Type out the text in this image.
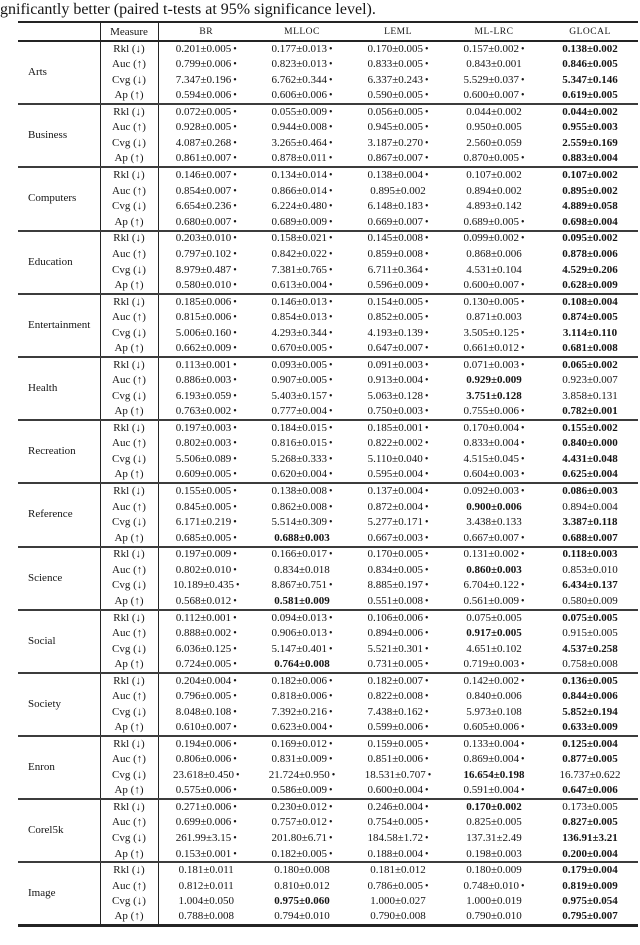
gnificantly better (paired t-tests at 95% significance level).

	Measure	BR	MLLOC	LEML	ML-LRC	GLOCAL
Arts	Rkl (↓)	0.201±0.005 •	0.177±0.013 •	0.170±0.005 •	0.157±0.002 •	0.138±0.002
	Auc (↑)	0.799±0.006 •	0.823±0.013 •	0.833±0.005 •	0.843±0.001	0.846±0.005
	Cvg (↓)	7.347±0.196 •	6.762±0.344 •	6.337±0.243 •	5.529±0.037 •	5.347±0.146
	Ap (↑)	0.594±0.006 •	0.606±0.006 •	0.590±0.005 •	0.600±0.007 •	0.619±0.005
Business	Rkl (↓)	0.072±0.005 •	0.055±0.009 •	0.056±0.005 •	0.044±0.002	0.044±0.002
	Auc (↑)	0.928±0.005 •	0.944±0.008 •	0.945±0.005 •	0.950±0.005	0.955±0.003
	Cvg (↓)	4.087±0.268 •	3.265±0.464 •	3.187±0.270 •	2.560±0.059	2.559±0.169
	Ap (↑)	0.861±0.007 •	0.878±0.011 •	0.867±0.007 •	0.870±0.005 •	0.883±0.004
Computers	Rkl (↓)	0.146±0.007 •	0.134±0.014 •	0.138±0.004 •	0.107±0.002	0.107±0.002
	Auc (↑)	0.854±0.007 •	0.866±0.014 •	0.895±0.002	0.894±0.002	0.895±0.002
	Cvg (↓)	6.654±0.236 •	6.224±0.480 •	6.148±0.183 •	4.893±0.142	4.889±0.058
	Ap (↑)	0.680±0.007 •	0.689±0.009 •	0.669±0.007 •	0.689±0.005 •	0.698±0.004
Education	Rkl (↓)	0.203±0.010 •	0.158±0.021 •	0.145±0.008 •	0.099±0.002 •	0.095±0.002
	Auc (↑)	0.797±0.102 •	0.842±0.022 •	0.859±0.008 •	0.868±0.006	0.878±0.006
	Cvg (↓)	8.979±0.487 •	7.381±0.765 •	6.711±0.364 •	4.531±0.104	4.529±0.206
	Ap (↑)	0.580±0.010 •	0.613±0.004 •	0.596±0.009 •	0.600±0.007 •	0.628±0.009
Entertainment	Rkl (↓)	0.185±0.006 •	0.146±0.013 •	0.154±0.005 •	0.130±0.005 •	0.108±0.004
	Auc (↑)	0.815±0.006 •	0.854±0.013 •	0.852±0.005 •	0.871±0.003	0.874±0.005
	Cvg (↓)	5.006±0.160 •	4.293±0.344 •	4.193±0.139 •	3.505±0.125 •	3.114±0.110
	Ap (↑)	0.662±0.009 •	0.670±0.005 •	0.647±0.007 •	0.661±0.012 •	0.681±0.008
Health	Rkl (↓)	0.113±0.001 •	0.093±0.005 •	0.091±0.003 •	0.071±0.003 •	0.065±0.002
	Auc (↑)	0.886±0.003 •	0.907±0.005 •	0.913±0.004 •	0.929±0.009	0.923±0.007
	Cvg (↓)	6.193±0.059 •	5.403±0.157 •	5.063±0.128 •	3.751±0.128	3.858±0.131
	Ap (↑)	0.763±0.002 •	0.777±0.004 •	0.750±0.003 •	0.755±0.006 •	0.782±0.001
Recreation	Rkl (↓)	0.197±0.003 •	0.184±0.015 •	0.185±0.001 •	0.170±0.004 •	0.155±0.002
	Auc (↑)	0.802±0.003 •	0.816±0.015 •	0.822±0.002 •	0.833±0.004 •	0.840±0.000
	Cvg (↓)	5.506±0.089 •	5.268±0.333 •	5.110±0.040 •	4.515±0.045 •	4.431±0.048
	Ap (↑)	0.609±0.005 •	0.620±0.004 •	0.595±0.004 •	0.604±0.003 •	0.625±0.004
Reference	Rkl (↓)	0.155±0.005 •	0.138±0.008 •	0.137±0.004 •	0.092±0.003 •	0.086±0.003
	Auc (↑)	0.845±0.005 •	0.862±0.008 •	0.872±0.004 •	0.900±0.006	0.894±0.004
	Cvg (↓)	6.171±0.219 •	5.514±0.309 •	5.277±0.171 •	3.438±0.133	3.387±0.118
	Ap (↑)	0.685±0.005 •	0.688±0.003	0.667±0.003 •	0.667±0.007 •	0.688±0.007
Science	Rkl (↓)	0.197±0.009 •	0.166±0.017 •	0.170±0.005 •	0.131±0.002 •	0.118±0.003
	Auc (↑)	0.802±0.010 •	0.834±0.018	0.834±0.005 •	0.860±0.003	0.853±0.010
	Cvg (↓)	10.189±0.435 •	8.867±0.751 •	8.885±0.197 •	6.704±0.122 •	6.434±0.137
	Ap (↑)	0.568±0.012 •	0.581±0.009	0.551±0.008 •	0.561±0.009 •	0.580±0.009
Social	Rkl (↓)	0.112±0.001 •	0.094±0.013 •	0.106±0.006 •	0.075±0.005	0.075±0.005
	Auc (↑)	0.888±0.002 •	0.906±0.013 •	0.894±0.006 •	0.917±0.005	0.915±0.005
	Cvg (↓)	6.036±0.125 •	5.147±0.401 •	5.521±0.301 •	4.651±0.102	4.537±0.258
	Ap (↑)	0.724±0.005 •	0.764±0.008	0.731±0.005 •	0.719±0.003 •	0.758±0.008
Society	Rkl (↓)	0.204±0.004 •	0.182±0.006 •	0.182±0.007 •	0.142±0.002 •	0.136±0.005
	Auc (↑)	0.796±0.005 •	0.818±0.006 •	0.822±0.008 •	0.840±0.006	0.844±0.006
	Cvg (↓)	8.048±0.108 •	7.392±0.216 •	7.438±0.162 •	5.973±0.108	5.852±0.194
	Ap (↑)	0.610±0.007 •	0.623±0.004 •	0.599±0.006 •	0.605±0.006 •	0.633±0.009
Enron	Rkl (↓)	0.194±0.006 •	0.169±0.012 •	0.159±0.005 •	0.133±0.004 •	0.125±0.004
	Auc (↑)	0.806±0.006 •	0.831±0.009 •	0.851±0.006 •	0.869±0.004 •	0.877±0.005
	Cvg (↓)	23.618±0.450 •	21.724±0.950 •	18.531±0.707 •	16.654±0.198	16.737±0.622
	Ap (↑)	0.575±0.006 •	0.586±0.009 •	0.600±0.004 •	0.591±0.004 •	0.647±0.006
Corel5k	Rkl (↓)	0.271±0.006 •	0.230±0.012 •	0.246±0.004 •	0.170±0.002	0.173±0.005
	Auc (↑)	0.699±0.006 •	0.757±0.012 •	0.754±0.005 •	0.825±0.005	0.827±0.005
	Cvg (↓)	261.99±3.15 •	201.80±6.71 •	184.58±1.72 •	137.31±2.49	136.91±3.21
	Ap (↑)	0.153±0.001 •	0.182±0.005 •	0.188±0.004 •	0.198±0.003	0.200±0.004
Image	Rkl (↓)	0.181±0.011	0.180±0.008	0.181±0.012	0.180±0.009	0.179±0.004
	Auc (↑)	0.812±0.011	0.810±0.012	0.786±0.005 •	0.748±0.010 •	0.819±0.009
	Cvg (↓)	1.004±0.050	0.975±0.060	1.000±0.027	1.000±0.019	0.975±0.054
	Ap (↑)	0.788±0.008	0.794±0.010	0.790±0.008	0.790±0.010	0.795±0.007
